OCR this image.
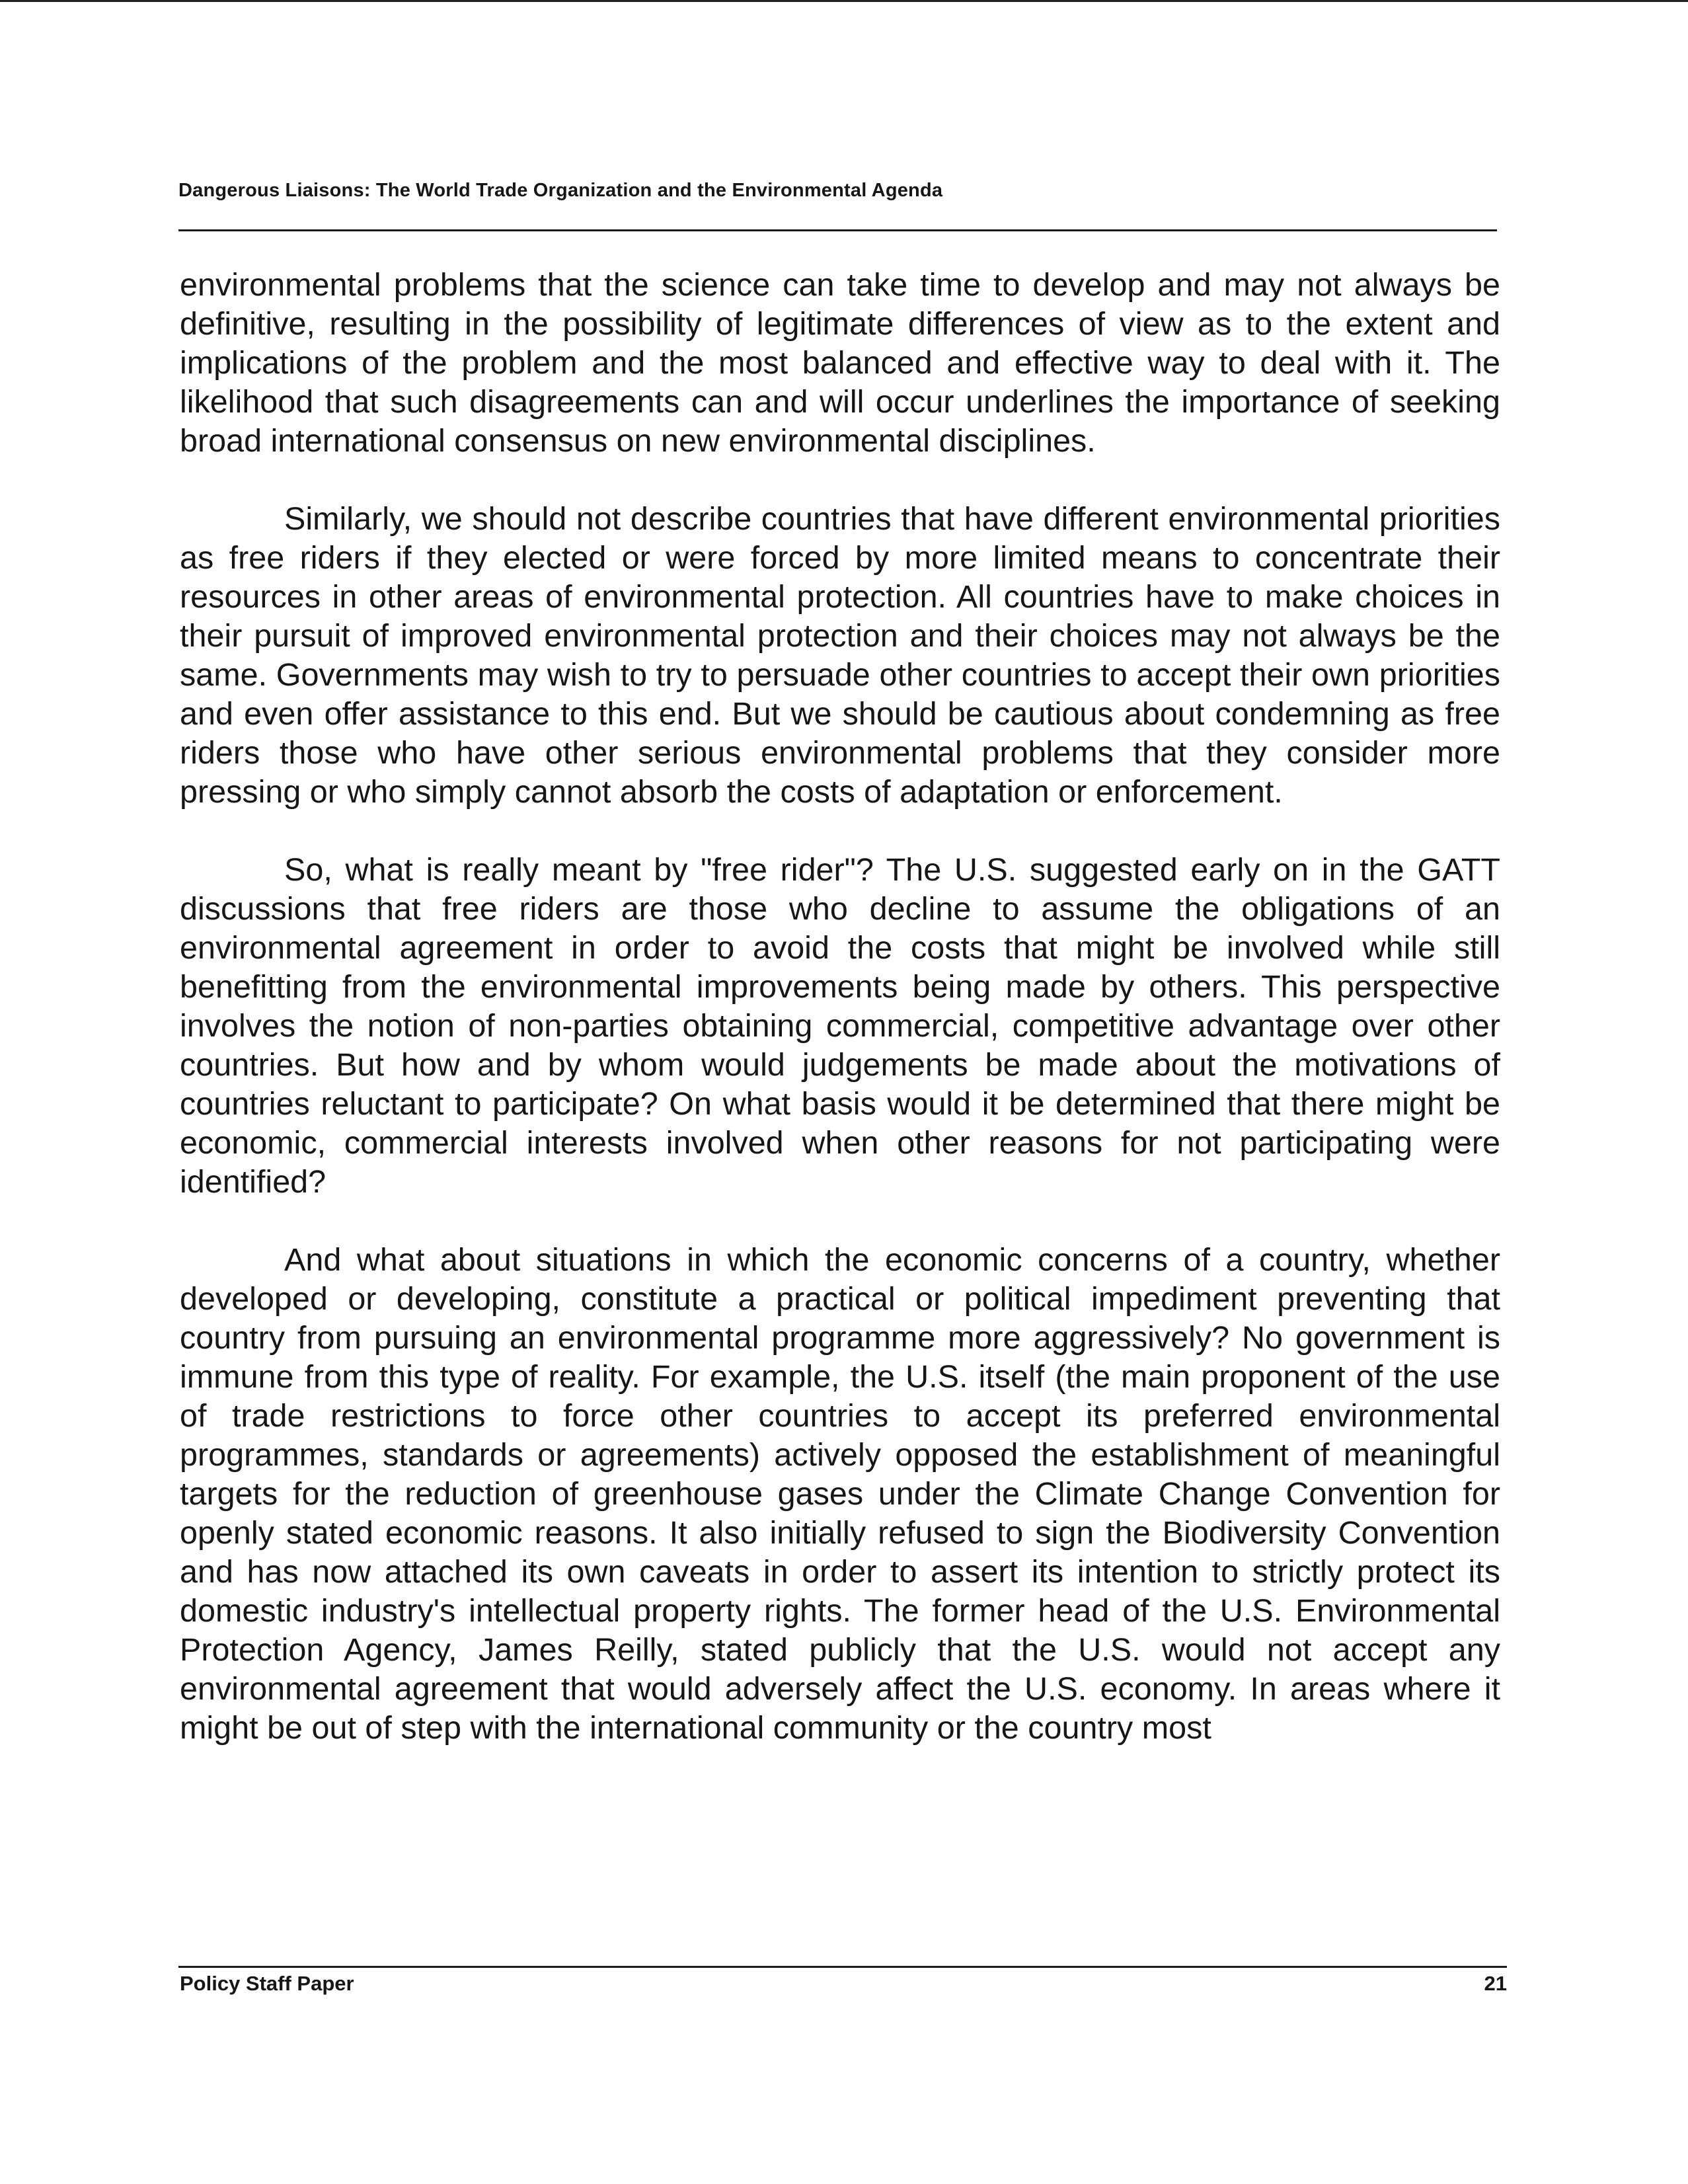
Dangerous Liaisons: The World Trade Organization and the Environmental Agenda

environmental problems that the science can take time to develop and may not always be definitive, resulting in the possibility of legitimate differences of view as to the extent and implications of the problem and the most balanced and effective way to deal with it. The likelihood that such disagreements can and will occur underlines the importance of seeking broad international consensus on new environmental disciplines.

Similarly, we should not describe countries that have different environmental priorities as free riders if they elected or were forced by more limited means to concentrate their resources in other areas of environmental protection. All countries have to make choices in their pursuit of improved environmental protection and their choices may not always be the same. Governments may wish to try to persuade other countries to accept their own priorities and even offer assistance to this end. But we should be cautious about condemning as free riders those who have other serious environmental problems that they consider more pressing or who simply cannot absorb the costs of adaptation or enforcement.

So, what is really meant by "free rider"? The U.S. suggested early on in the GATT discussions that free riders are those who decline to assume the obligations of an environmental agreement in order to avoid the costs that might be involved while still benefitting from the environmental improvements being made by others. This perspective involves the notion of non-parties obtaining commercial, competitive advantage over other countries. But how and by whom would judgements be made about the motivations of countries reluctant to participate? On what basis would it be determined that there might be economic, commercial interests involved when other reasons for not participating were identified?

And what about situations in which the economic concerns of a country, whether developed or developing, constitute a practical or political impediment preventing that country from pursuing an environmental programme more aggressively? No government is immune from this type of reality. For example, the U.S. itself (the main proponent of the use of trade restrictions to force other countries to accept its preferred environmental programmes, standards or agreements) actively opposed the establishment of meaningful targets for the reduction of greenhouse gases under the Climate Change Convention for openly stated economic reasons. It also initially refused to sign the Biodiversity Convention and has now attached its own caveats in order to assert its intention to strictly protect its domestic industry's intellectual property rights. The former head of the U.S. Environmental Protection Agency, James Reilly, stated publicly that the U.S. would not accept any environmental agreement that would adversely affect the U.S. economy. In areas where it might be out of step with the international community or the country most

Policy Staff Paper	21
